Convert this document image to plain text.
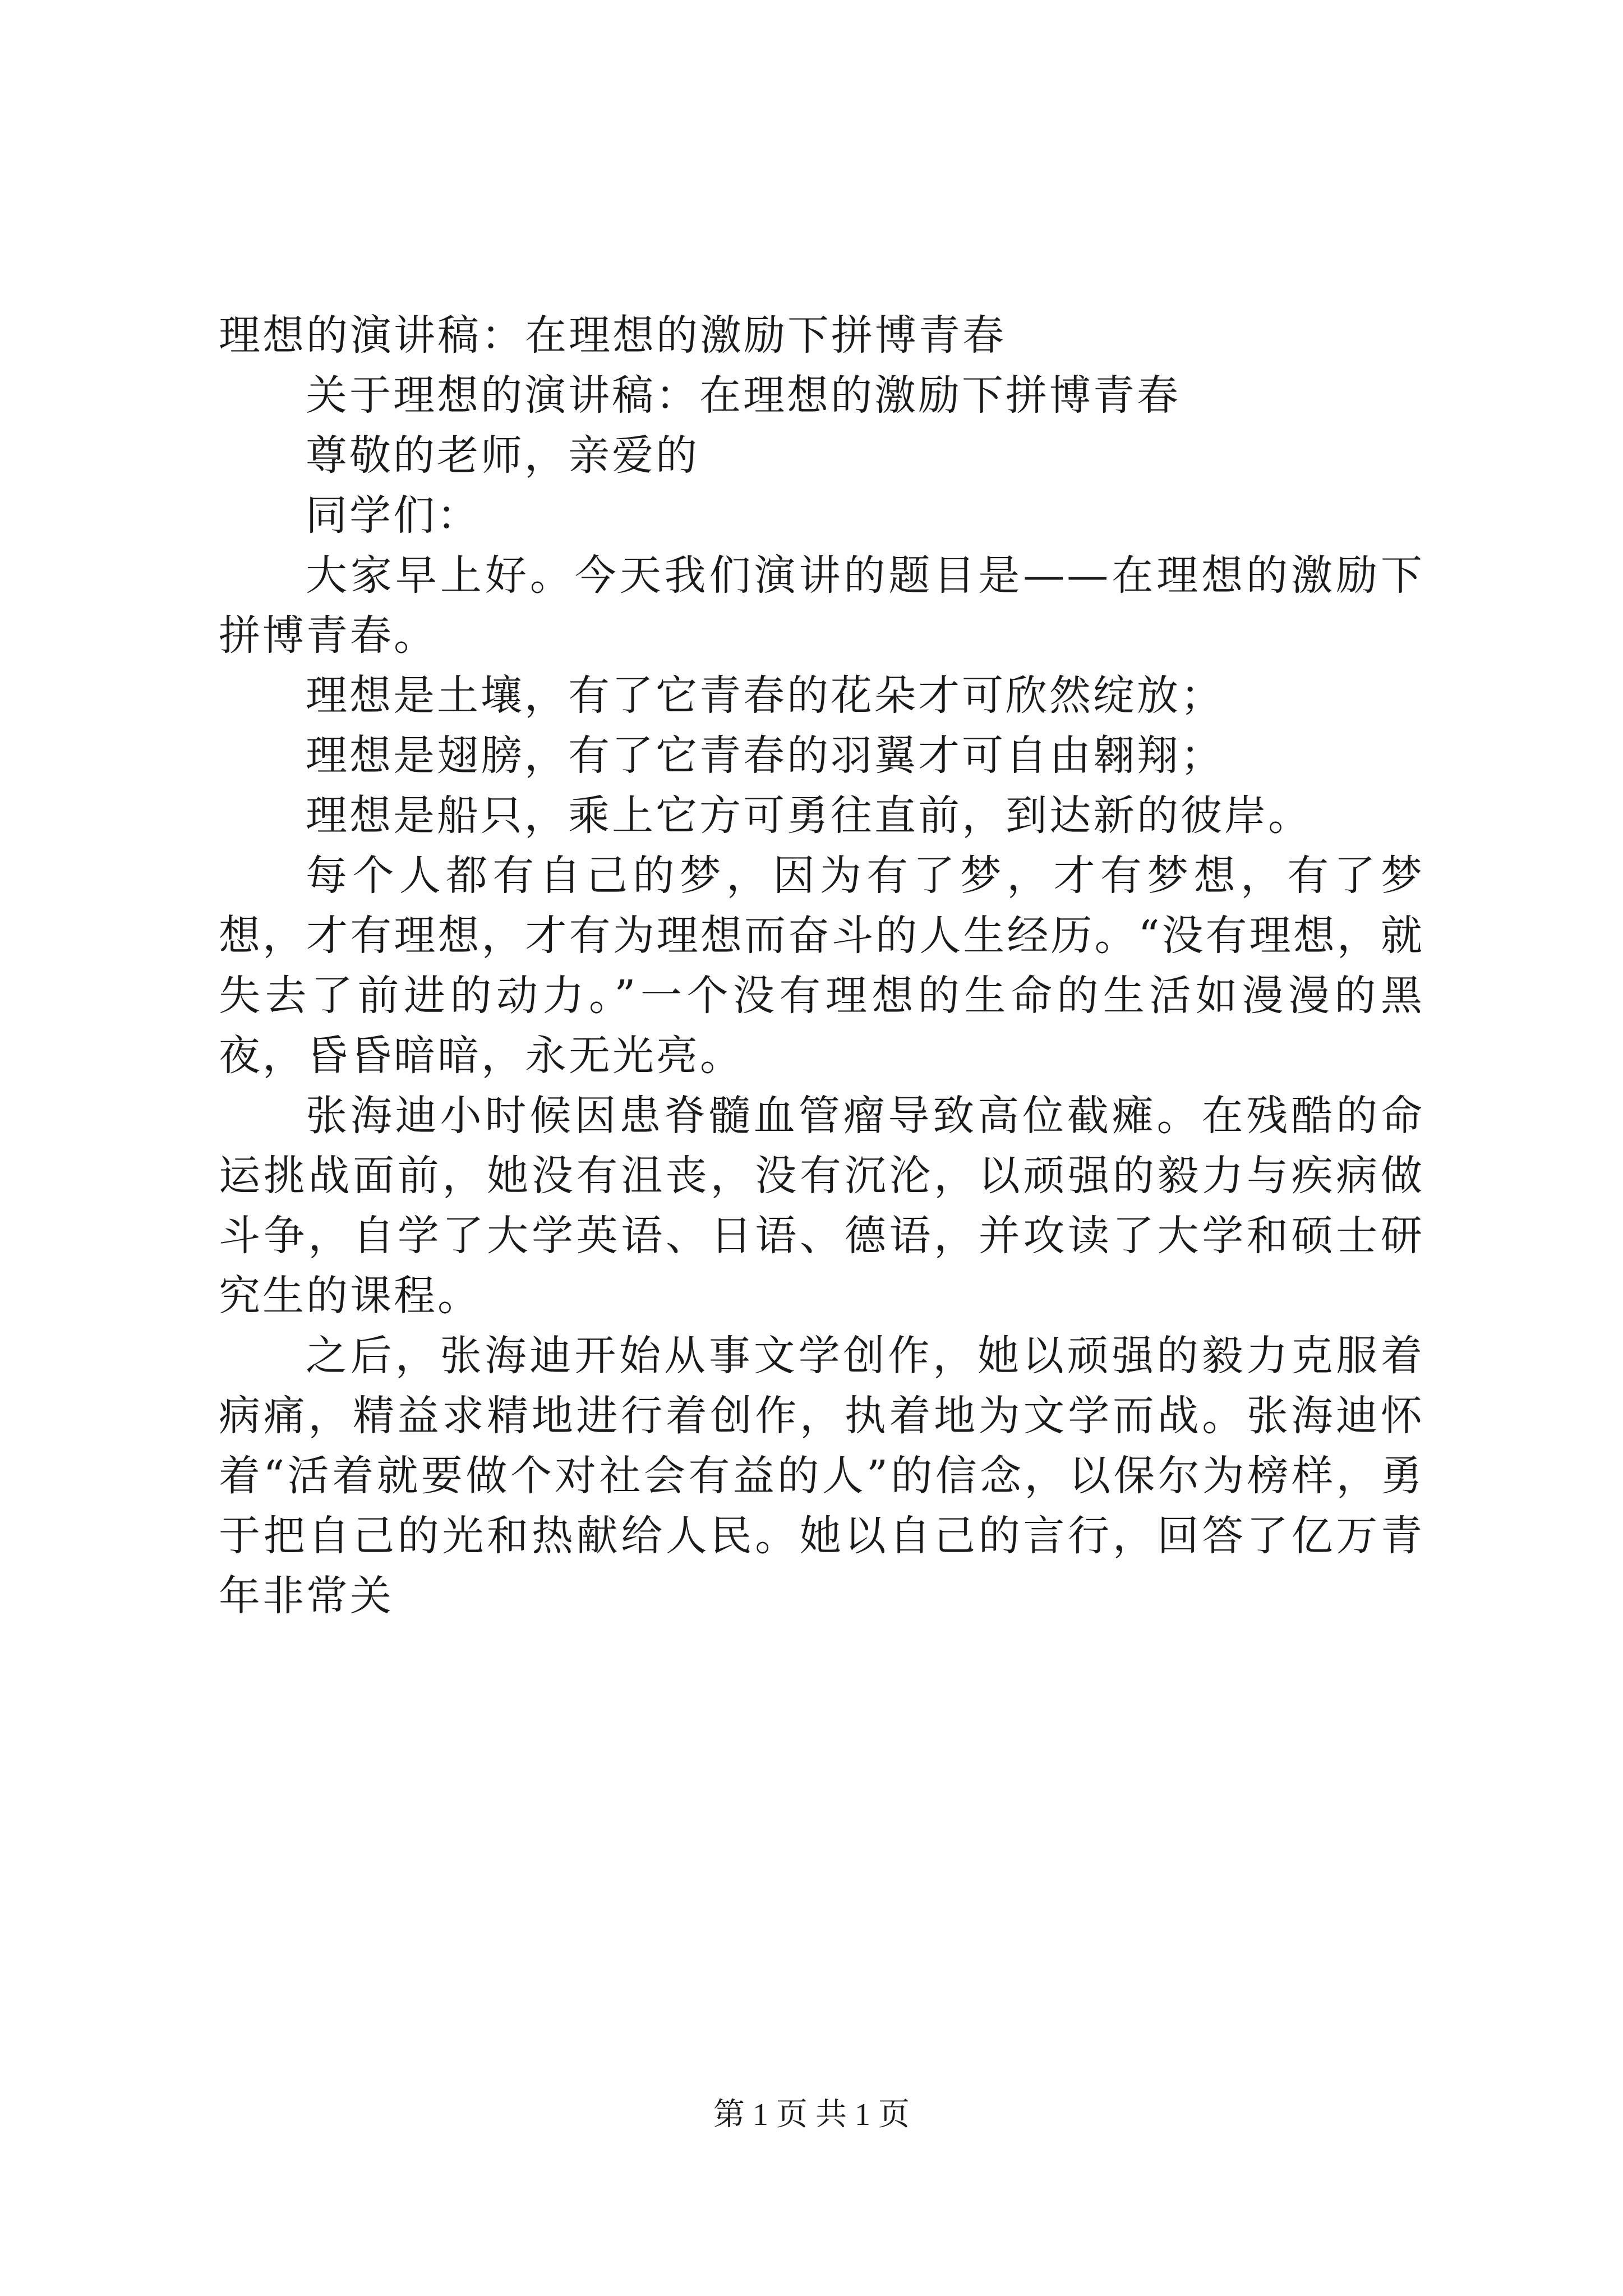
理想的演讲稿：在理想的激励下拼博青春

关于理想的演讲稿：在理想的激励下拼博青春

尊敬的老师，亲爱的

同学们：

大家早上好。今天我们演讲的题目是——在理想的激励下拼博青春。

理想是土壤，有了它青春的花朵才可欣然绽放；

理想是翅膀，有了它青春的羽翼才可自由翱翔；

理想是船只，乘上它方可勇往直前，到达新的彼岸。

每个人都有自己的梦，因为有了梦，才有梦想，有了梦想，才有理想，才有为理想而奋斗的人生经历。“没有理想，就失去了前进的动力。”一个没有理想的生命的生活如漫漫的黑夜，昏昏暗暗，永无光亮。

张海迪小时候因患脊髓血管瘤导致高位截瘫。在残酷的命运挑战面前，她没有沮丧，没有沉沦，以顽强的毅力与疾病做斗争，自学了大学英语、日语、德语，并攻读了大学和硕士研究生的课程。

之后，张海迪开始从事文学创作，她以顽强的毅力克服着病痛，精益求精地进行着创作，执着地为文学而战。张海迪怀着“活着就要做个对社会有益的人”的信念，以保尔为榜样，勇于把自己的光和热献给人民。她以自己的言行，回答了亿万青年非常关

第 1 页 共 1 页
